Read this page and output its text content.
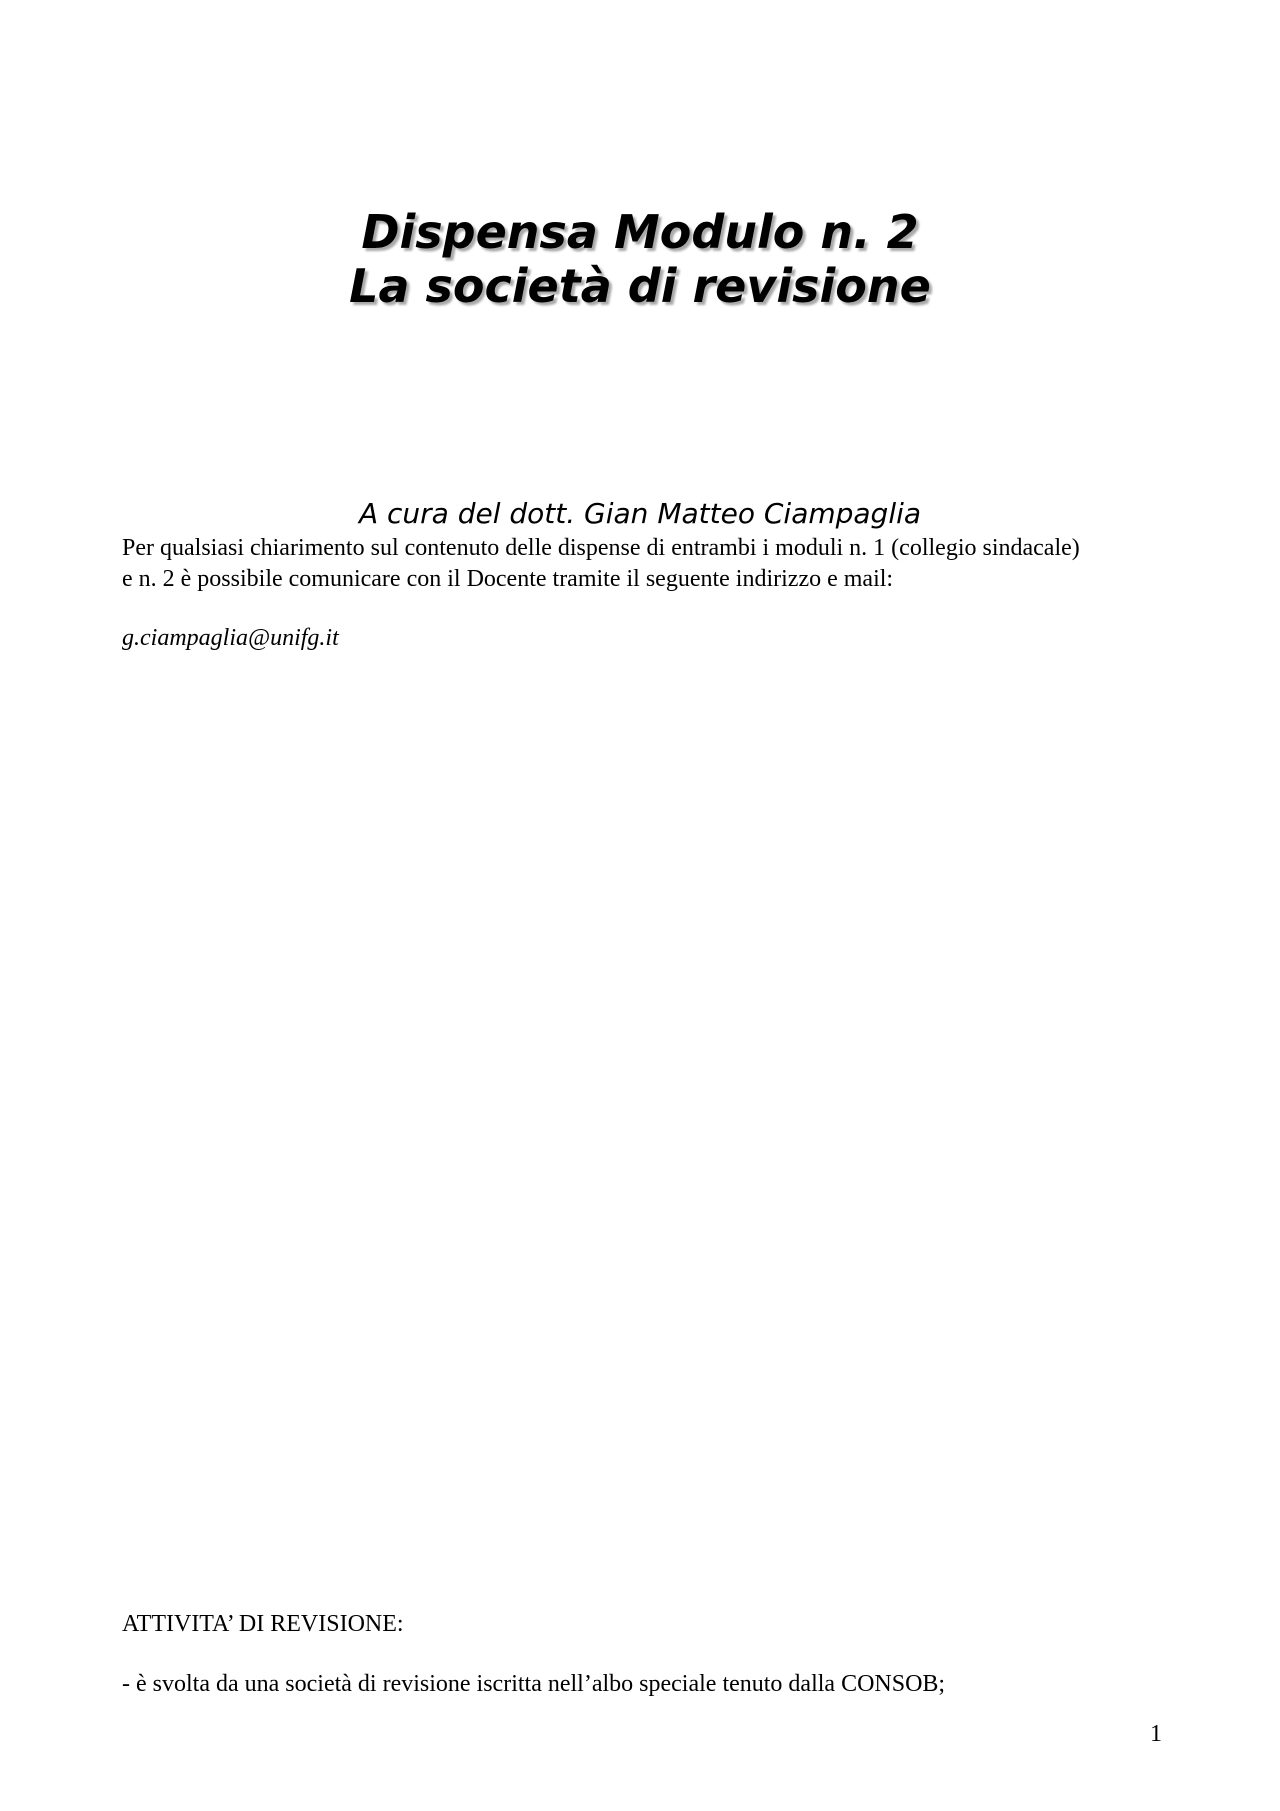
Dispensa Modulo n. 2
La società di revisione
A cura del dott. Gian Matteo Ciampaglia
Per qualsiasi chiarimento sul contenuto delle dispense di entrambi i moduli n. 1 (collegio sindacale)
e n. 2 è possibile comunicare con il Docente tramite il seguente indirizzo e mail:
g.ciampaglia@unifg.it
ATTIVITA’ DI REVISIONE:
- è svolta da una società di revisione iscritta nell’albo speciale tenuto dalla CONSOB;
1
